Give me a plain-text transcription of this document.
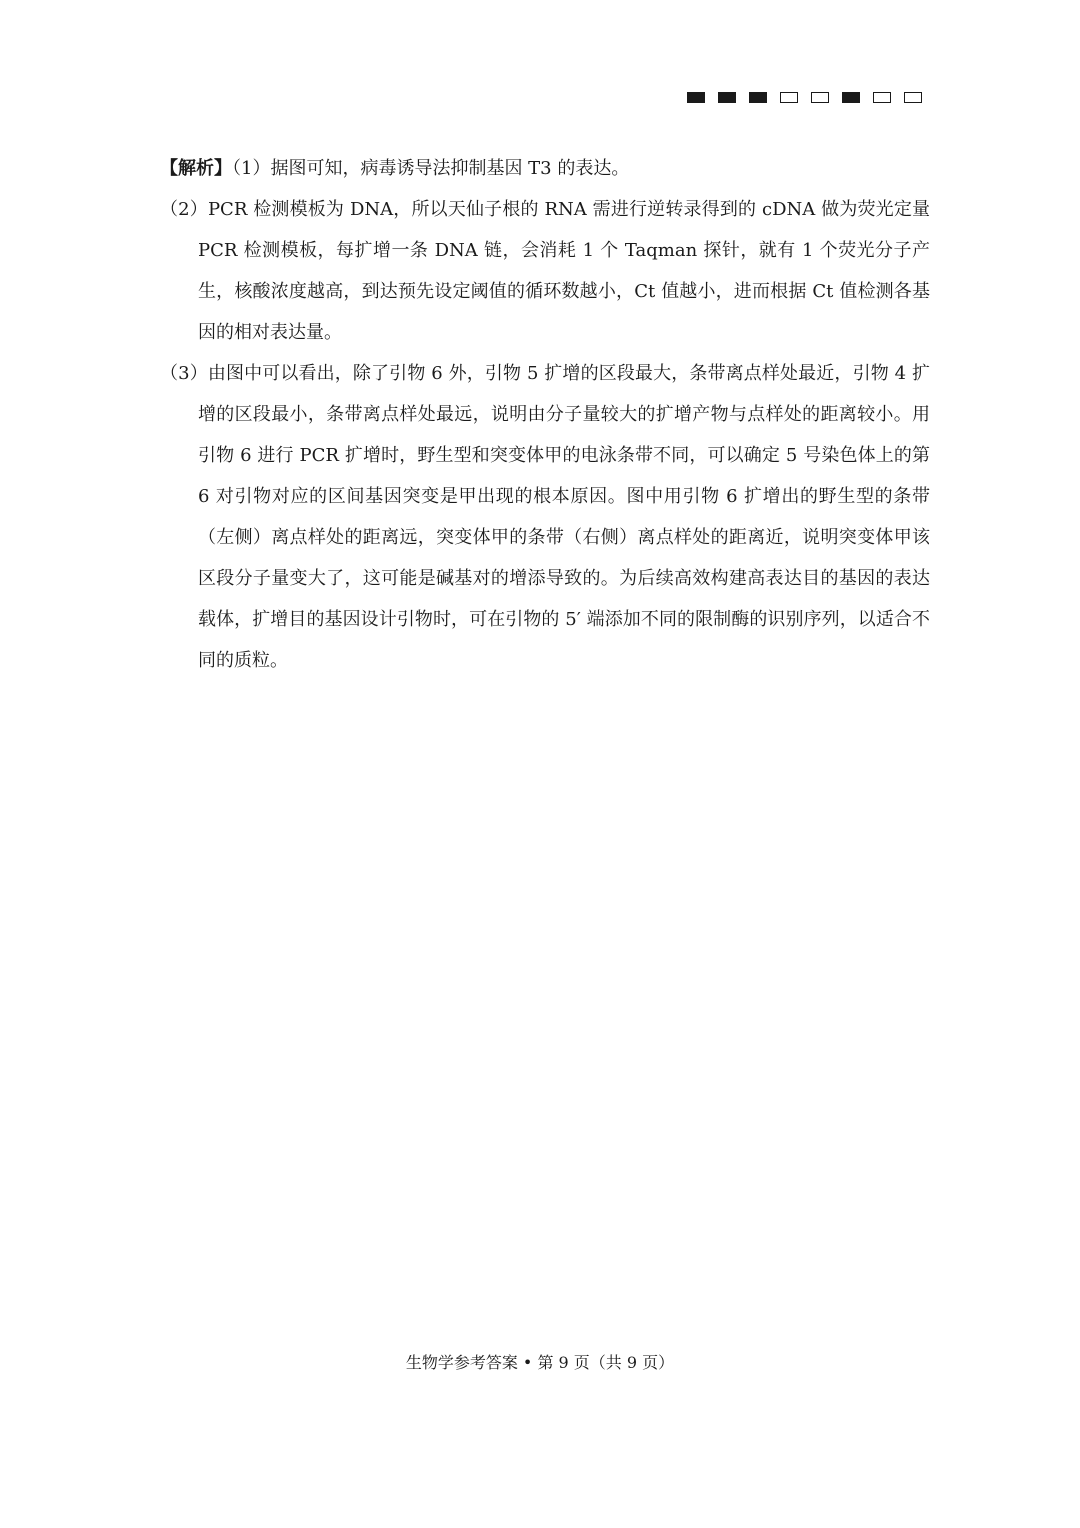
【解析】（1）据图可知，病毒诱导法抑制基因 T3 的表达。

（2）PCR 检测模板为 DNA，所以天仙子根的 RNA 需进行逆转录得到的 cDNA 做为荧光定量 PCR 检测模板，每扩增一条 DNA 链，会消耗 1 个 Taqman 探针，就有 1 个荧光分子产生，核酸浓度越高，到达预先设定阈值的循环数越小，Ct 值越小，进而根据 Ct 值检测各基因的相对表达量。

（3）由图中可以看出，除了引物 6 外，引物 5 扩增的区段最大，条带离点样处最近，引物 4 扩增的区段最小，条带离点样处最远，说明由分子量较大的扩增产物与点样处的距离较小。用引物 6 进行 PCR 扩增时，野生型和突变体甲的电泳条带不同，可以确定 5 号染色体上的第 6 对引物对应的区间基因突变是甲出现的根本原因。图中用引物 6 扩增出的野生型的条带（左侧）离点样处的距离远，突变体甲的条带（右侧）离点样处的距离近，说明突变体甲该区段分子量变大了，这可能是碱基对的增添导致的。为后续高效构建高表达目的基因的表达载体，扩增目的基因设计引物时，可在引物的 5′ 端添加不同的限制酶的识别序列，以适合不同的质粒。

生物学参考答案 • 第 9 页（共 9 页）
